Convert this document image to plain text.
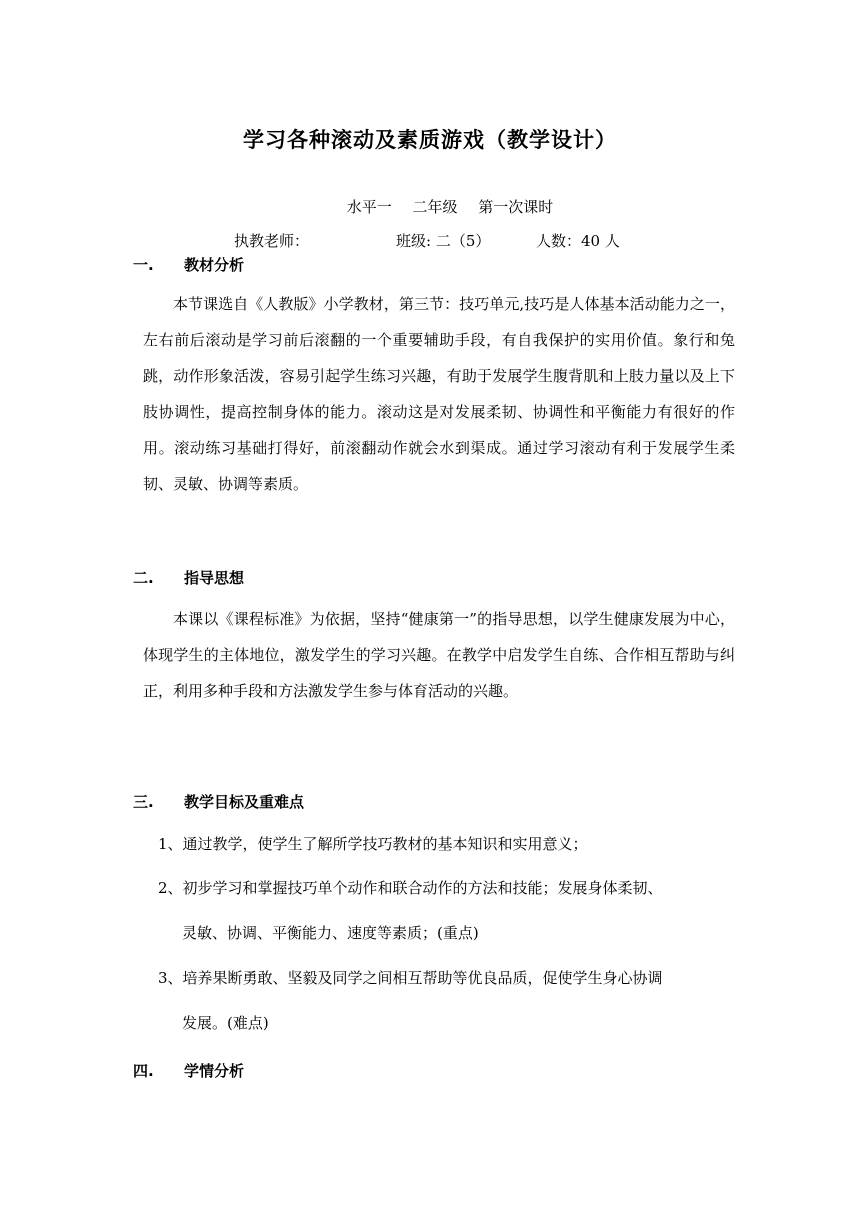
学习各种滚动及素质游戏（教学设计）
水平一 二年级 第一次课时
执教老师：	班级: 二（5）	人数：40 人
一. 教材分析

本节课选自《人教版》小学教材，第三节：技巧单元,技巧是人体基本活动能力之一，左右前后滚动是学习前后滚翻的一个重要辅助手段，有自我保护的实用价值。象行和兔跳，动作形象活泼，容易引起学生练习兴趣，有助于发展学生腹背肌和上肢力量以及上下肢协调性，提高控制身体的能力。滚动这是对发展柔韧、协调性和平衡能力有很好的作用。滚动练习基础打得好，前滚翻动作就会水到渠成。通过学习滚动有利于发展学生柔韧、灵敏、协调等素质。

二. 指导思想

本课以《课程标准》为依据，坚持“健康第一”的指导思想，以学生健康发展为中心，体现学生的主体地位，激发学生的学习兴趣。在教学中启发学生自练、合作相互帮助与纠正，利用多种手段和方法激发学生参与体育活动的兴趣。

三. 教学目标及重难点
1、通过教学，使学生了解所学技巧教材的基本知识和实用意义；
2、初步学习和掌握技巧单个动作和联合动作的方法和技能；发展身体柔韧、
灵敏、协调、平衡能力、速度等素质；(重点)
3、培养果断勇敢、坚毅及同学之间相互帮助等优良品质，促使学生身心协调
发展。(难点)
四. 学情分析
